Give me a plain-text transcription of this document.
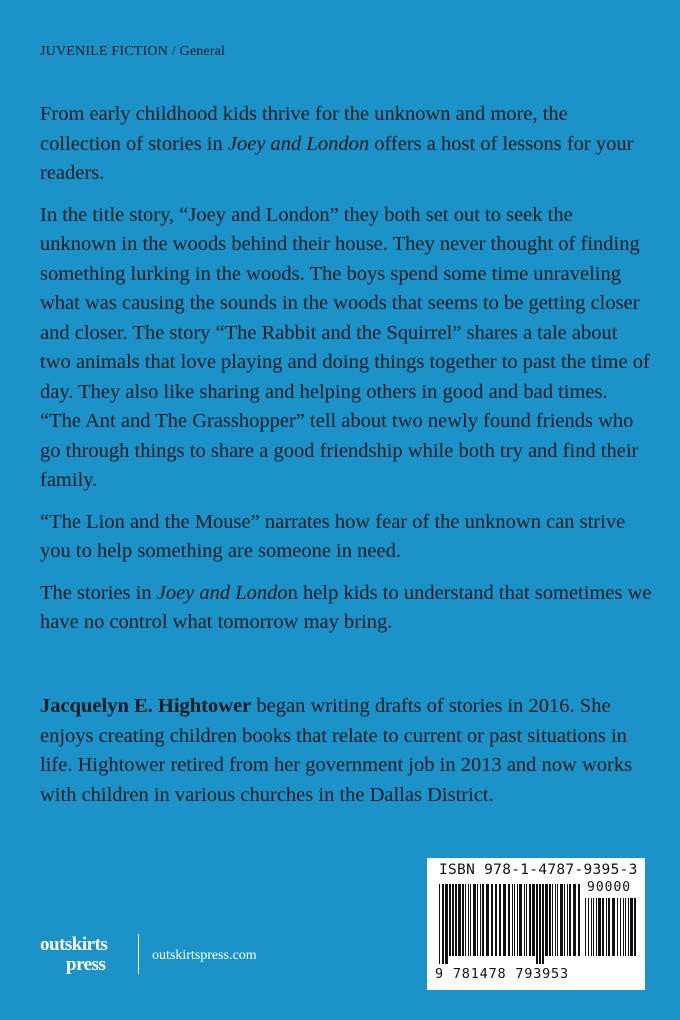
JUVENILE FICTION / General

From early childhood kids thrive for the unknown and more, the collection of stories in Joey and London offers a host of lessons for your readers.

In the title story, “Joey and London” they both set out to seek the unknown in the woods behind their house. They never thought of finding something lurking in the woods. The boys spend some time unraveling what was causing the sounds in the woods that seems to be getting closer and closer. The story “The Rabbit and the Squirrel” shares a tale about two animals that love playing and doing things together to past the time of day. They also like sharing and helping others in good and bad times. “The Ant and The Grasshopper” tell about two newly found friends who go through things to share a good friendship while both try and find their family.

“The Lion and the Mouse” narrates how fear of the unknown can strive you to help something are someone in need.

The stories in Joey and London help kids to understand that sometimes we have no control what tomorrow may bring.

Jacquelyn E. Hightower began writing drafts of stories in 2016. She enjoys creating children books that relate to current or past situations in life. Hightower retired from her government job in 2013 and now works with children in various churches in the Dallas District.

ISBN 978-1-4787-9395-3
90000
9 781478 793953
outskirts
press	outskirtspress.com
